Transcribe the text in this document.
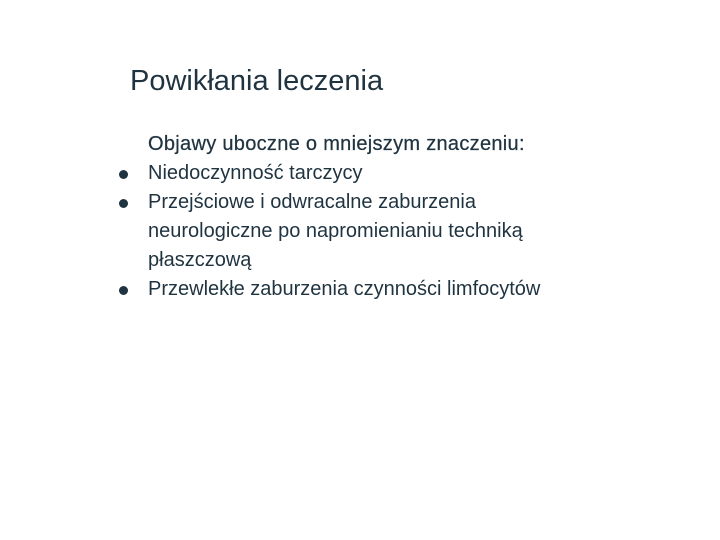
Powikłania leczenia

Objawy uboczne o mniejszym znaczeniu:

Niedoczynność tarczycy
Przejściowe i odwracalne zaburzenia
neurologiczne po napromienianiu techniką
płaszczową
Przewlekłe zaburzenia czynności limfocytów
